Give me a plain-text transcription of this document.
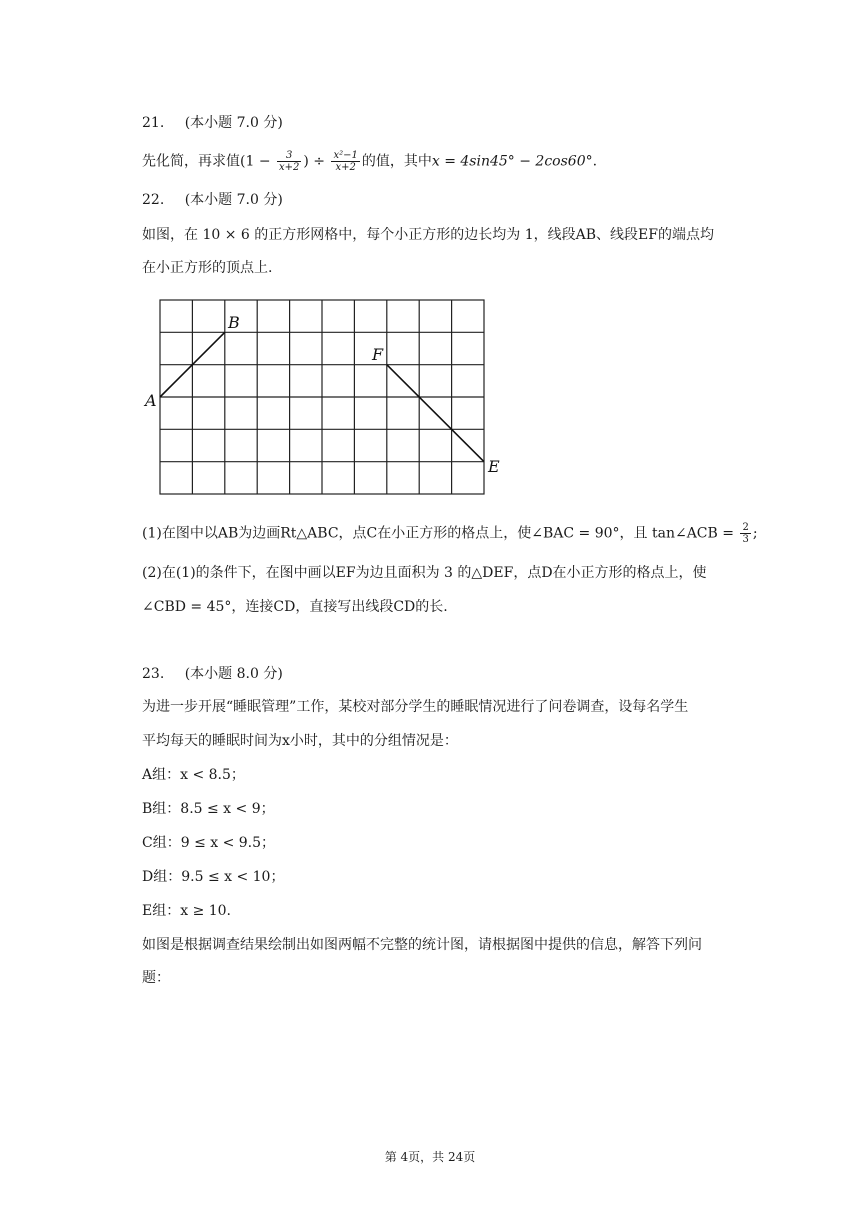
21. (本小题 7.0 分)
先化简，再求值($1 - \frac{3}{x+2}$ ) ÷ $\frac{\text{x²−1}}{x+2}$ 的值，其中x = 4sin45° − 2cos60°.
22. (本小题 7.0 分)
如图，在 10 × 6 的正方形网格中，每个小正方形的边长均为 1，线段AB、线段EF的端点均
在小正方形的顶点上.
A
B
E
F
(1)在图中以AB为边画Rt△ABC，点C在小正方形的格点上，使∠BAC = 90°，且 tan∠ACB = $\frac{2}{3}$ ;
(2)在(1)的条件下，在图中画以EF为边且面积为 3 的△DEF，点D在小正方形的格点上，使
∠CBD = 45°，连接CD，直接写出线段CD的长.
23. (本小题 8.0 分)
为进一步开展“睡眠管理”工作，某校对部分学生的睡眠情况进行了问卷调查，设每名学生
平均每天的睡眠时间为x小时，其中的分组情况是：
A组：x < 8.5；
B组：8.5 ≤ x < 9；
C组：9 ≤ x < 9.5；
D组：9.5 ≤ x < 10；
E组：x ≥ 10.
如图是根据调查结果绘制出如图两幅不完整的统计图，请根据图中提供的信息，解答下列问
题：
第 4页，共 24页
